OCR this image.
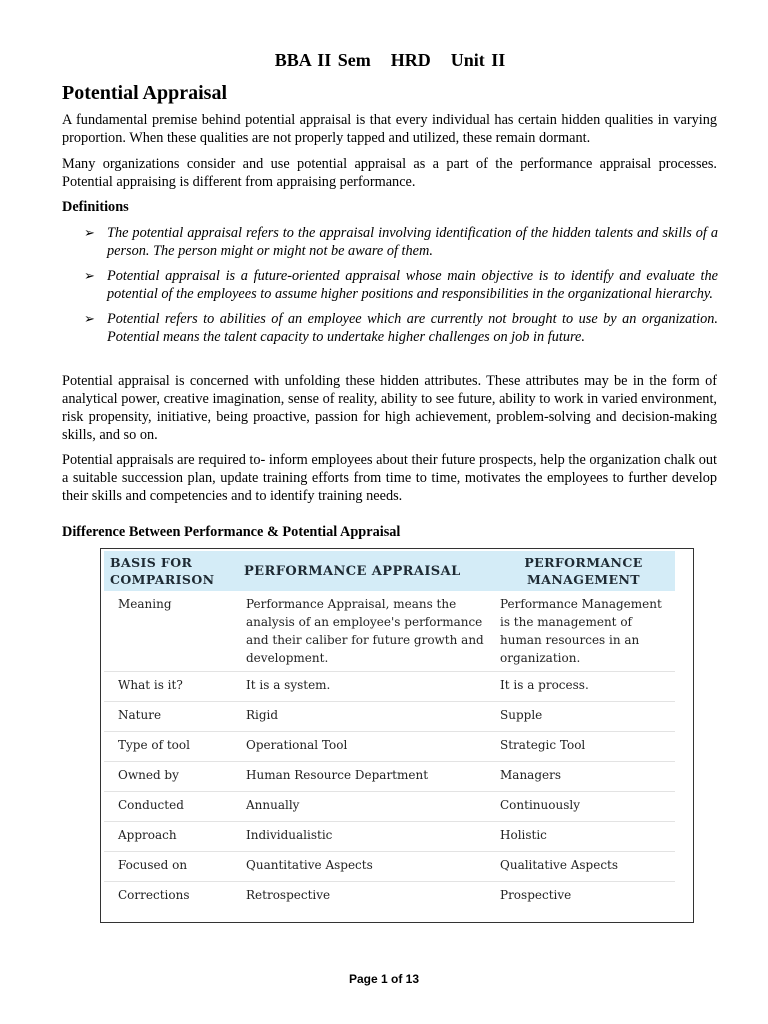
BBA II Sem HRD Unit II
Potential Appraisal

A fundamental premise behind potential appraisal is that every individual has certain hidden qualities in varying proportion. When these qualities are not properly tapped and utilized, these remain dormant.

Many organizations consider and use potential appraisal as a part of the performance appraisal processes. Potential appraising is different from appraising performance.

Definitions
➢ The potential appraisal refers to the appraisal involving identification of the hidden talents and skills of a person. The person might or might not be aware of them.
➢ Potential appraisal is a future-oriented appraisal whose main objective is to identify and evaluate the potential of the employees to assume higher positions and responsibilities in the organizational hierarchy.
➢ Potential refers to abilities of an employee which are currently not brought to use by an organization. Potential means the talent capacity to undertake higher challenges on job in future.

Potential appraisal is concerned with unfolding these hidden attributes. These attributes may be in the form of analytical power, creative imagination, sense of reality, ability to see future, ability to work in varied environment, risk propensity, initiative, being proactive, passion for high achievement, problem-solving and decision-making skills, and so on.

Potential appraisals are required to- inform employees about their future prospects, help the organization chalk out a suitable succession plan, update training efforts from time to time, motivates the employees to further develop their skills and competencies and to identify training needs.

Difference Between Performance & Potential Appraisal
BASIS FOR COMPARISON	PERFORMANCE APPRAISAL	PERFORMANCE MANAGEMENT
Meaning	Performance Appraisal, means the analysis of an employee's performance and their caliber for future growth and development.	Performance Management is the management of human resources in an organization.
What is it?	It is a system.	It is a process.
Nature	Rigid	Supple
Type of tool	Operational Tool	Strategic Tool
Owned by	Human Resource Department	Managers
Conducted	Annually	Continuously
Approach	Individualistic	Holistic
Focused on	Quantitative Aspects	Qualitative Aspects
Corrections	Retrospective	Prospective
Page 1 of 13
